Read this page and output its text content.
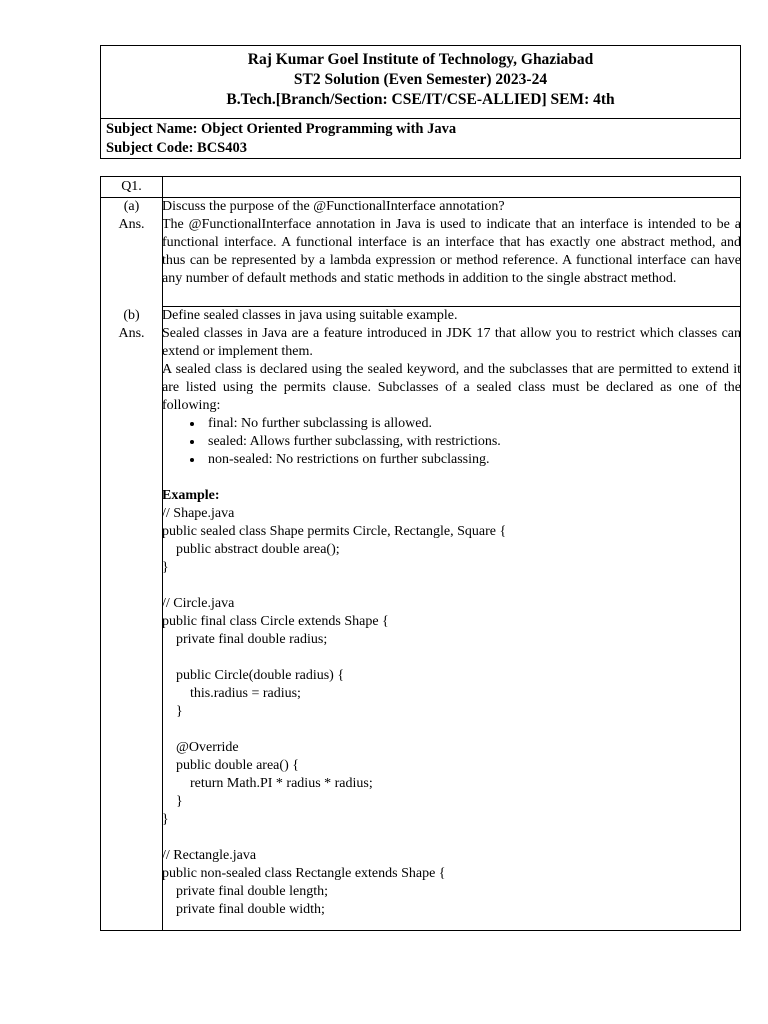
Raj Kumar Goel Institute of Technology, Ghaziabad
ST2 Solution (Even Semester) 2023-24
B.Tech.[Branch/Section: CSE/IT/CSE-ALLIED] SEM: 4th
Subject Name: Object Oriented Programming with Java
Subject Code: BCS403
Q1.
(a)
Ans.

Discuss the purpose of the @FunctionalInterface annotation?

The @FunctionalInterface annotation in Java is used to indicate that an interface is intended to be a functional interface. A functional interface is an interface that has exactly one abstract method, and thus can be represented by a lambda expression or method reference. A functional interface can have any number of default methods and static methods in addition to the single abstract method.

(b)
Ans.

Define sealed classes in java using suitable example.

Sealed classes in Java are a feature introduced in JDK 17 that allow you to restrict which classes can extend or implement them.

A sealed class is declared using the sealed keyword, and the subclasses that are permitted to extend it are listed using the permits clause. Subclasses of a sealed class must be declared as one of the following:

• final: No further subclassing is allowed.
• sealed: Allows further subclassing, with restrictions.
• non-sealed: No restrictions on further subclassing.
Example:
// Shape.java
public sealed class Shape permits Circle, Rectangle, Square {
public abstract double area();
}

// Circle.java
public final class Circle extends Shape {
private final double radius;

public Circle(double radius) {
this.radius = radius;
}

@Override
public double area() {
return Math.PI * radius * radius;
}
}

// Rectangle.java
public non-sealed class Rectangle extends Shape {
private final double length;
private final double width;
